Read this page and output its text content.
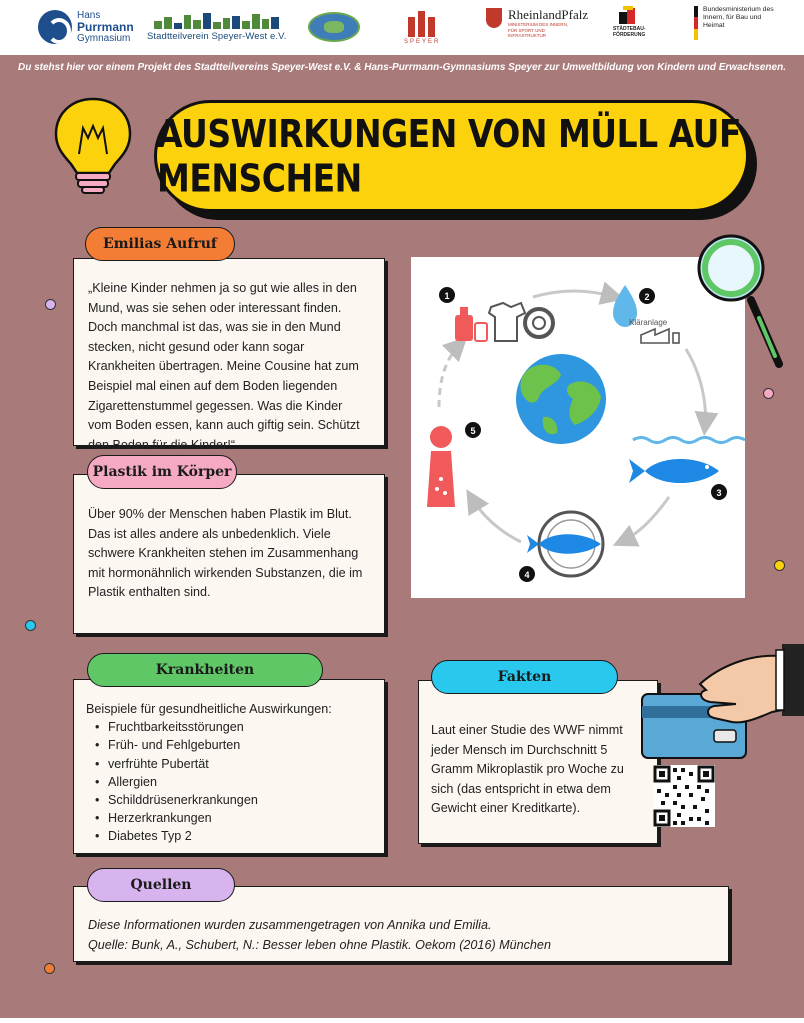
Hans
Purrmann
Gymnasium	Stadtteilverein Speyer-West e.V.
SPEYER
RheinlandPfalz
MINISTERIUM DES INNERN, FÜR SPORT UND INFRASTRUKTUR
STÄDTEBAU-FÖRDERUNG
Bundesministerium des Innern, für Bau und Heimat
Du stehst hier vor einem Projekt des Stadtteilvereins Speyer-West e.V. & Hans-Purrmann-Gymnasiums Speyer zur Umweltbildung von Kindern und Erwachsenen.
AUSWIRKUNGEN VON MÜLL AUF MENSCHEN

„Kleine Kinder nehmen ja so gut wie alles in den Mund, was sie sehen oder interessant finden. Doch manchmal ist das, was sie in den Mund stecken, nicht gesund oder kann sogar Krankheiten übertragen. Meine Cousine hat zum Beispiel mal einen auf dem Boden liegenden Zigarettenstummel gegessen. Was die Kinder vom Boden essen, kann auch giftig sein. Schützt den Boden für die Kinder!“

Emilias Aufruf

Über 90% der Menschen haben Plastik im Blut. Das ist alles andere als unbedenklich. Viele schwere Krankheiten stehen im Zusammenhang mit hormonähnlich wirkenden Substanzen, die im Plastik enthalten sind.

Plastik im Körper

Beispiele für gesundheitliche Auswirkungen:

• Fruchtbarkeitsstörungen
• Früh- und Fehlgeburten
• verfrühte Pubertät
• Allergien
• Schilddrüsenerkrankungen
• Herzerkrankungen
• Diabetes Typ 2
Krankheiten

Laut einer Studie des WWF nimmt jeder Mensch im Durchschnitt 5 Gramm Mikroplastik pro Woche zu sich (das entspricht in etwa dem Gewicht einer Kreditkarte).

Fakten

Diese Informationen wurden zusammengetragen von Annika und Emilia.

Quelle: Bunk, A., Schubert, N.: Besser leben ohne Plastik. Oekom (2016) München

Quellen
1	2
Kläranlage
3
4
5
